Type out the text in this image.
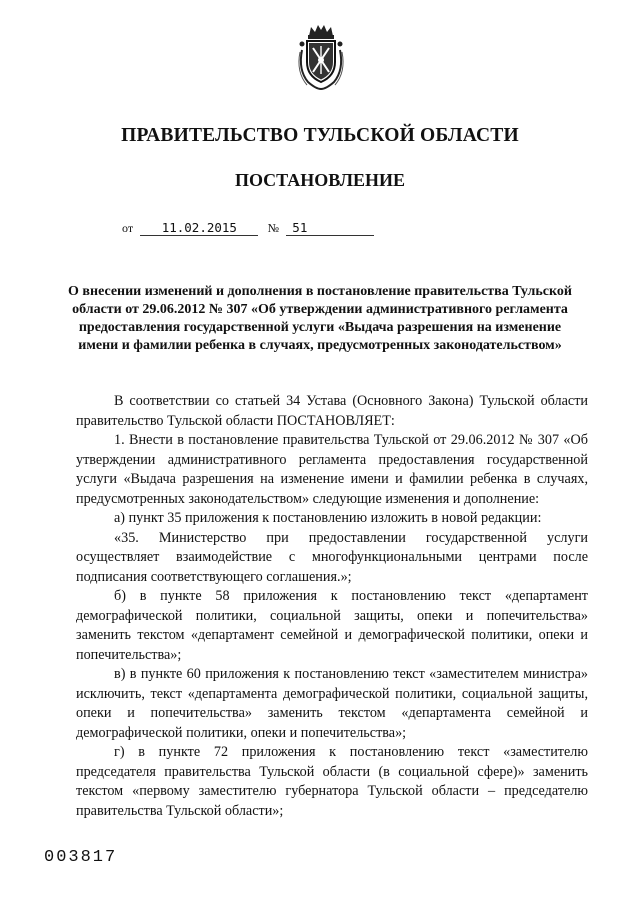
ПРАВИТЕЛЬСТВО ТУЛЬСКОЙ ОБЛАСТИ
ПОСТАНОВЛЕНИЕ
от 11.02.2015	№ 51
О внесении изменений и дополнения в постановление правительства Тульской области от 29.06.2012 № 307 «Об утверждении административного регламента предоставления государственной услуги «Выдача разрешения на изменение имени и фамилии ребенка в случаях, предусмотренных законодательством»

В соответствии со статьей 34 Устава (Основного Закона) Тульской области правительство Тульской области ПОСТАНОВЛЯЕТ:

1. Внести в постановление правительства Тульской от 29.06.2012 № 307 «Об утверждении административного регламента предоставления государственной услуги «Выдача разрешения на изменение имени и фамилии ребенка в случаях, предусмотренных законодательством» следующие изменения и дополнение:

а) пункт 35 приложения к постановлению изложить в новой редакции:

«35. Министерство при предоставлении государственной услуги осуществляет взаимодействие с многофункциональными центрами после подписания соответствующего соглашения.»;

б) в пункте 58 приложения к постановлению текст «департамент демографической политики, социальной защиты, опеки и попечительства» заменить текстом «департамент семейной и демографической политики, опеки и попечительства»;

в) в пункте 60 приложения к постановлению текст «заместителем министра» исключить, текст «департамента демографической политики, социальной защиты, опеки и попечительства» заменить текстом «департамента семейной и демографической политики, опеки и попечительства»;

г) в пункте 72 приложения к постановлению текст «заместителю председателя правительства Тульской области (в социальной сфере)» заменить текстом «первому заместителю губернатора Тульской области – председателю правительства Тульской области»;

003817
